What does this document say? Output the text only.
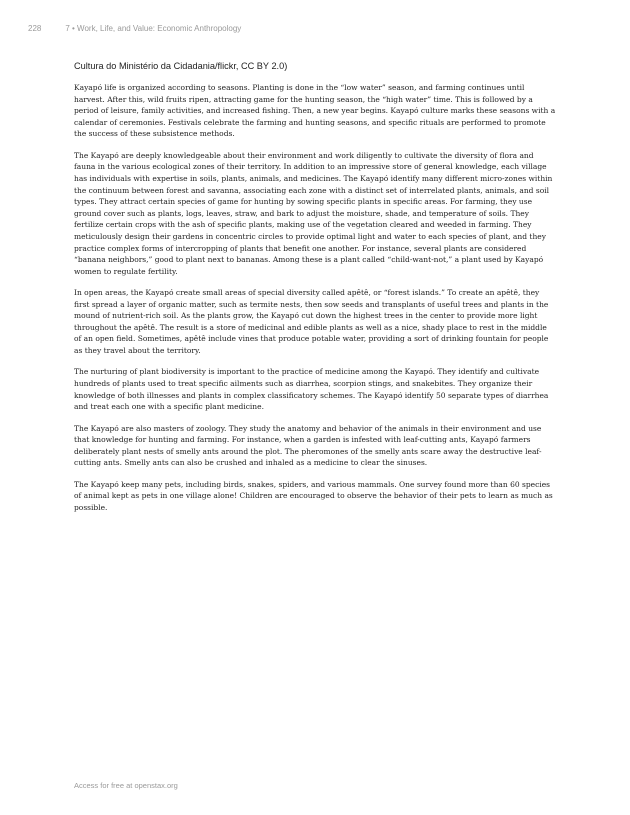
228	7 • Work, Life, and Value: Economic Anthropology
Cultura do Ministério da Cidadania/flickr, CC BY 2.0)

Kayapó life is organized according to seasons. Planting is done in the “low water” season, and farming continues until harvest. After this, wild fruits ripen, attracting game for the hunting season, the “high water” time. This is followed by a period of leisure, family activities, and increased fishing. Then, a new year begins. Kayapó culture marks these seasons with a calendar of ceremonies. Festivals celebrate the farming and hunting seasons, and specific rituals are performed to promote the success of these subsistence methods.

The Kayapó are deeply knowledgeable about their environment and work diligently to cultivate the diversity of flora and fauna in the various ecological zones of their territory. In addition to an impressive store of general knowledge, each village has individuals with expertise in soils, plants, animals, and medicines. The Kayapó identify many different micro-zones within the continuum between forest and savanna, associating each zone with a distinct set of interrelated plants, animals, and soil types. They attract certain species of game for hunting by sowing specific plants in specific areas. For farming, they use ground cover such as plants, logs, leaves, straw, and bark to adjust the moisture, shade, and temperature of soils. They fertilize certain crops with the ash of specific plants, making use of the vegetation cleared and weeded in farming. They meticulously design their gardens in concentric circles to provide optimal light and water to each species of plant, and they practice complex forms of intercropping of plants that benefit one another. For instance, several plants are considered “banana neighbors,” good to plant next to bananas. Among these is a plant called “child-want-not,” a plant used by Kayapó women to regulate fertility.

In open areas, the Kayapó create small areas of special diversity called apêtê, or “forest islands.” To create an apêtê, they first spread a layer of organic matter, such as termite nests, then sow seeds and transplants of useful trees and plants in the mound of nutrient-rich soil. As the plants grow, the Kayapó cut down the highest trees in the center to provide more light throughout the apêtê. The result is a store of medicinal and edible plants as well as a nice, shady place to rest in the middle of an open field. Sometimes, apêtê include vines that produce potable water, providing a sort of drinking fountain for people as they travel about the territory.

The nurturing of plant biodiversity is important to the practice of medicine among the Kayapó. They identify and cultivate hundreds of plants used to treat specific ailments such as diarrhea, scorpion stings, and snakebites. They organize their knowledge of both illnesses and plants in complex classificatory schemes. The Kayapó identify 50 separate types of diarrhea and treat each one with a specific plant medicine.

The Kayapó are also masters of zoology. They study the anatomy and behavior of the animals in their environment and use that knowledge for hunting and farming. For instance, when a garden is infested with leaf-cutting ants, Kayapó farmers deliberately plant nests of smelly ants around the plot. The pheromones of the smelly ants scare away the destructive leaf-cutting ants. Smelly ants can also be crushed and inhaled as a medicine to clear the sinuses.

The Kayapó keep many pets, including birds, snakes, spiders, and various mammals. One survey found more than 60 species of animal kept as pets in one village alone! Children are encouraged to observe the behavior of their pets to learn as much as possible.

Access for free at openstax.org
